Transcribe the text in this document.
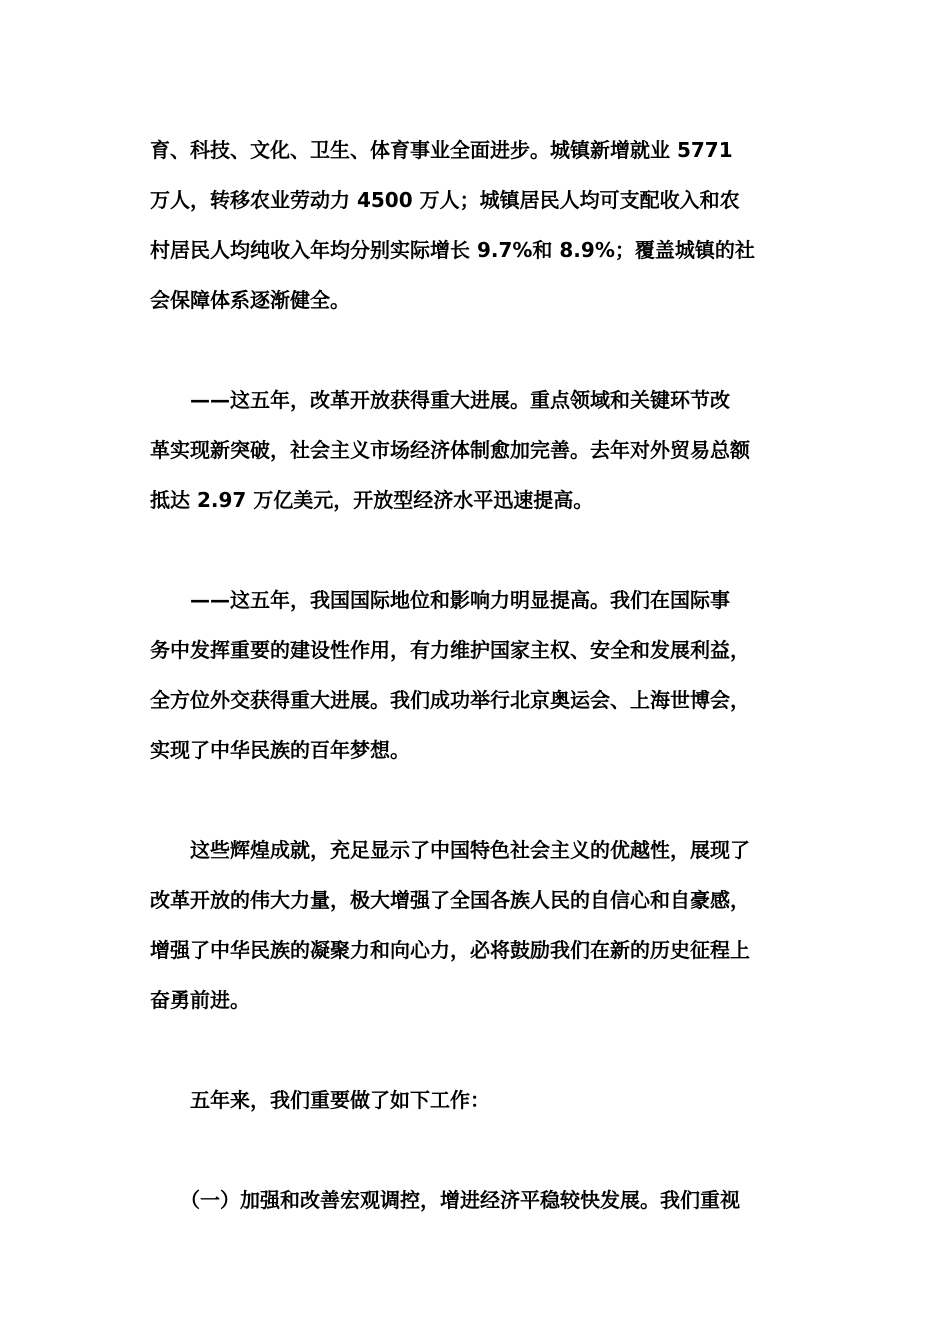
育、科技、文化、卫生、体育事业全面进步。城镇新增就业 5771
万人，转移农业劳动力 4500 万人；城镇居民人均可支配收入和农
村居民人均纯收入年均分别实际增长 9.7%和 8.9%；覆盖城镇的社
会保障体系逐渐健全。

　　——这五年，改革开放获得重大进展。重点领域和关键环节改
革实现新突破，社会主义市场经济体制愈加完善。去年对外贸易总额
抵达 2.97 万亿美元，开放型经济水平迅速提高。

　　——这五年，我国国际地位和影响力明显提高。我们在国际事
务中发挥重要的建设性作用，有力维护国家主权、安全和发展利益，
全方位外交获得重大进展。我们成功举行北京奥运会、上海世博会，
实现了中华民族的百年梦想。

　　这些辉煌成就，充足显示了中国特色社会主义的优越性，展现了
改革开放的伟大力量，极大增强了全国各族人民的自信心和自豪感，
增强了中华民族的凝聚力和向心力，必将鼓励我们在新的历史征程上
奋勇前进。

　　五年来，我们重要做了如下工作：

　　（一）加强和改善宏观调控，增进经济平稳较快发展。我们重视
